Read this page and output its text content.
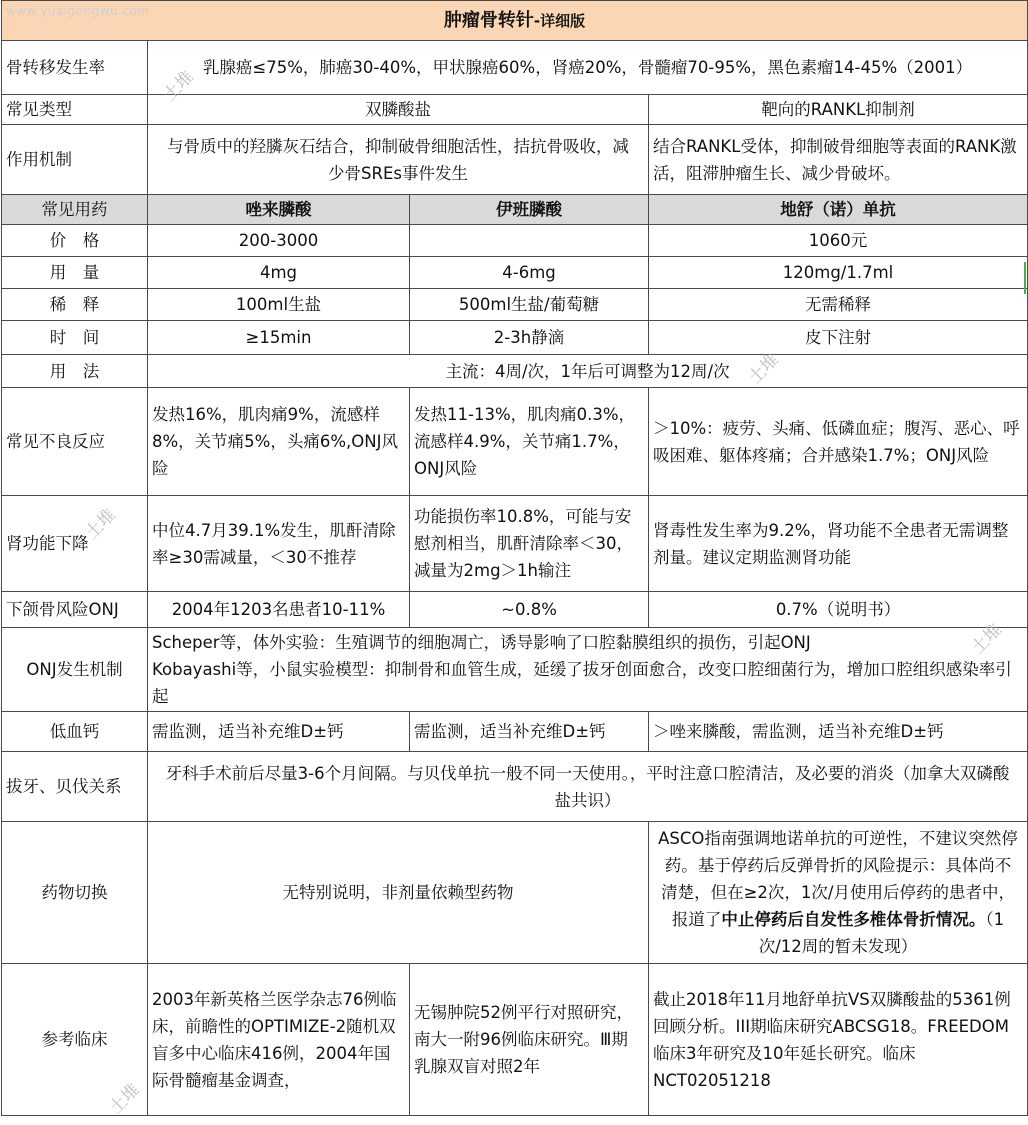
肿瘤骨转针-详细版			
骨转移发生率	乳腺癌≤75%，肺癌30-40%，甲状腺癌60%，肾癌20%，骨髓瘤70-95%，黑色素瘤14-45%（2001）		
常见类型	双膦酸盐		靶向的RANKL抑制剂
作用机制	与骨质中的羟膦灰石结合，抑制破骨细胞活性，拮抗骨吸收，减少骨SREs事件发生		结合RANKL受体，抑制破骨细胞等表面的RANK激活，阻滞肿瘤生长、减少骨破坏。
常见用药	唑来膦酸	伊班膦酸	地舒（诺）单抗
价　格	200-3000		1060元
用　量	4mg	4-6mg	120mg/1.7ml
稀　释	100ml生盐	500ml生盐/葡萄糖	无需稀释
时　间	≥15min	2-3h静滴	皮下注射
用　法	主流：4周/次，1年后可调整为12周/次		
常见不良反应	发热16%，肌肉痛9%，流感样8%，关节痛5%，头痛6%,ONJ风险	发热11-13%，肌肉痛0.3%，流感样4.9%，关节痛1.7%，ONJ风险	＞10%：疲劳、头痛、低磷血症；腹泻、恶心、呼吸困难、躯体疼痛；合并感染1.7%；ONJ风险
肾功能下降	中位4.7月39.1%发生，肌酐清除率≥30需减量，＜30不推荐	功能损伤率10.8%，可能与安慰剂相当，肌酐清除率＜30，减量为2mg＞1h输注	肾毒性发生率为9.2%，肾功能不全患者无需调整剂量。建议定期监测肾功能
下颌骨风险ONJ	2004年1203名患者10-11%	~0.8%	0.7%（说明书）
ONJ发生机制	Scheper等，体外实验：生殖调节的细胞凋亡，诱导影响了口腔黏膜组织的损伤，引起ONJ
Kobayashi等，小鼠实验模型：抑制骨和血管生成，延缓了拔牙创面愈合，改变口腔细菌行为，增加口腔组织感染率引起		

低血钙	需监测，适当补充维D±钙	需监测，适当补充维D±钙	＞唑来膦酸，需监测，适当补充维D±钙
拔牙、贝伐关系	牙科手术前后尽量3-6个月间隔。与贝伐单抗一般不同一天使用。，平时注意口腔清洁，及必要的消炎（加拿大双磷酸盐共识）		
药物切换	无特别说明，非剂量依赖型药物		ASCO指南强调地诺单抗的可逆性，不建议突然停药。基于停药后反弹骨折的风险提示：具体尚不清楚，但在≥2次，1次/月使用后停药的患者中，报道了中止停药后自发性多椎体骨折情况。（1次/12周的暂未发现）
参考临床	2003年新英格兰医学杂志76例临床，前瞻性的OPTIMIZE-2随机双盲多中心临床416例，2004年国际骨髓瘤基金调查，	无锡肿院52例平行对照研究，南大一附96例临床研究。Ⅲ期乳腺双盲对照2年	截止2018年11月地舒单抗VS双膦酸盐的5361例回顾分析。III期临床研究ABCSG18。FREEDOM临床3年研究及10年延长研究。临床NCT02051218
www.yuaigongwu.com
土堆
土堆
土堆
土堆
土堆
